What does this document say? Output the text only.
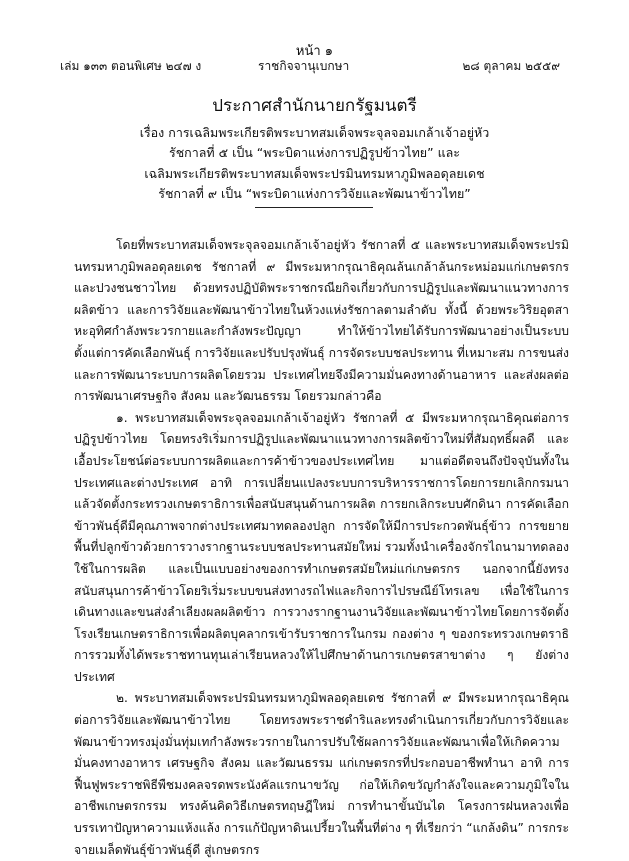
หน้า ๑
เล่ม ๑๓๓ ตอนพิเศษ ๒๔๗ ง	ราชกิจจานุเบกษา	๒๘ ตุลาคม ๒๕๕๙
ประกาศสำนักนายกรัฐมนตรี
เรื่อง การเฉลิมพระเกียรติพระบาทสมเด็จพระจุลจอมเกล้าเจ้าอยู่หัว
รัชกาลที่ ๕ เป็น “พระบิดาแห่งการปฏิรูปข้าวไทย” และ
เฉลิมพระเกียรติพระบาทสมเด็จพระปรมินทรมหาภูมิพลอดุลยเดช
รัชกาลที่ ๙ เป็น “พระบิดาแห่งการวิจัยและพัฒนาข้าวไทย”

โดยที่พระบาทสมเด็จพระจุลจอมเกล้าเจ้าอยู่หัว รัชกาลที่ ๕ และพระบาทสมเด็จพระปรมินทรมหาภูมิพลอดุลยเดช รัชกาลที่ ๙ มีพระมหากรุณาธิคุณล้นเกล้าล้นกระหม่อมแก่เกษตรกรและปวงชนชาวไทย ด้วยทรงปฏิบัติพระราชกรณียกิจเกี่ยวกับการปฏิรูปและพัฒนาแนวทางการผลิตข้าว และการวิจัยและพัฒนาข้าวไทยในห้วงแห่งรัชกาลตามลำดับ ทั้งนี้ ด้วยพระวิริยอุตสาหะอุทิศกำลังพระวรกายและกำลังพระปัญญา ทำให้ข้าวไทยได้รับการพัฒนาอย่างเป็นระบบ ตั้งแต่การคัดเลือกพันธุ์ การวิจัยและปรับปรุงพันธุ์ การจัดระบบชลประทาน ที่เหมาะสม การขนส่งและการพัฒนาระบบการผลิตโดยรวม ประเทศไทยจึงมีความมั่นคงทางด้านอาหาร และส่งผลต่อการพัฒนาเศรษฐกิจ สังคม และวัฒนธรรม โดยรวมกล่าวคือ

๑. พระบาทสมเด็จพระจุลจอมเกล้าเจ้าอยู่หัว รัชกาลที่ ๕ มีพระมหากรุณาธิคุณต่อการปฏิรูปข้าวไทย โดยทรงริเริ่มการปฏิรูปและพัฒนาแนวทางการผลิตข้าวใหม่ที่สัมฤทธิ์ผลดี และเอื้อประโยชน์ต่อระบบการผลิตและการค้าข้าวของประเทศไทย มาแต่อดีตจนถึงปัจจุบันทั้งในประเทศและต่างประเทศ อาทิ การเปลี่ยนแปลงระบบการบริหารราชการโดยการยกเลิกกรมนาแล้วจัดตั้งกระทรวงเกษตราธิการเพื่อสนับสนุนด้านการผลิต การยกเลิกระบบศักดินา การคัดเลือกข้าวพันธุ์ดีมีคุณภาพจากต่างประเทศมาทดลองปลูก การจัดให้มีการประกวดพันธุ์ข้าว การขยายพื้นที่ปลูกข้าวด้วยการวางรากฐานระบบชลประทานสมัยใหม่ รวมทั้งนำเครื่องจักรไถนามาทดลองใช้ในการผลิต และเป็นแบบอย่างของการทำเกษตรสมัยใหม่แก่เกษตรกร นอกจากนี้ยังทรงสนับสนุนการค้าข้าวโดยริเริ่มระบบขนส่งทางรถไฟและกิจการไปรษณีย์โทรเลข เพื่อใช้ในการเดินทางและขนส่งลำเลียงผลผลิตข้าว การวางรากฐานงานวิจัยและพัฒนาข้าวไทยโดยการจัดตั้งโรงเรียนเกษตราธิการเพื่อผลิตบุคลากรเข้ารับราชการในกรม กองต่าง ๆ ของกระทรวงเกษตราธิการรวมทั้งได้พระราชทานทุนเล่าเรียนหลวงให้ไปศึกษาด้านการเกษตรสาขาต่าง ๆ ยังต่างประเทศ

๒. พระบาทสมเด็จพระปรมินทรมหาภูมิพลอดุลยเดช รัชกาลที่ ๙ มีพระมหากรุณาธิคุณต่อการวิจัยและพัฒนาข้าวไทย โดยทรงพระราชดำริและทรงดำเนินการเกี่ยวกับการวิจัยและพัฒนาข้าวทรงมุ่งมั่นทุ่มเทกำลังพระวรกายในการปรับใช้ผลการวิจัยและพัฒนาเพื่อให้เกิดความมั่นคงทางอาหาร เศรษฐกิจ สังคม และวัฒนธรรม แก่เกษตรกรที่ประกอบอาชีพทำนา อาทิ การฟื้นฟูพระราชพิธีพืชมงคลจรดพระนังคัลแรกนาขวัญ ก่อให้เกิดขวัญกำลังใจและความภูมิใจในอาชีพเกษตรกรรม ทรงค้นคิดวิธีเกษตรทฤษฎีใหม่ การทำนาขั้นบันได โครงการฝนหลวงเพื่อบรรเทาปัญหาความแห้งแล้ง การแก้ปัญหาดินเปรี้ยวในพื้นที่ต่าง ๆ ที่เรียกว่า “แกล้งดิน” การกระจายเมล็ดพันธุ์ข้าวพันธุ์ดี สู่เกษตรกร
